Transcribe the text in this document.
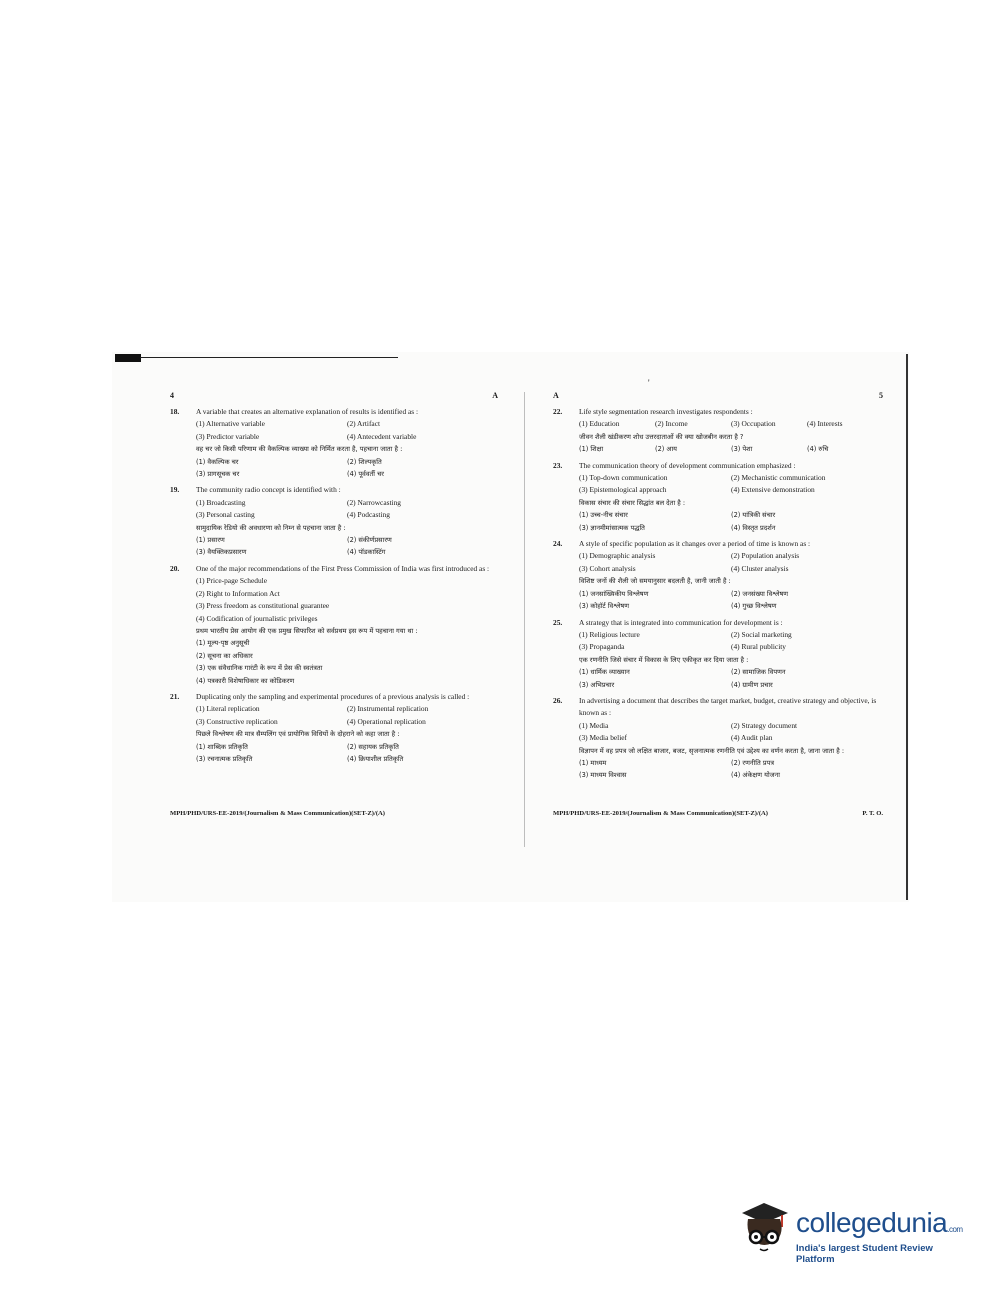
'
4	A
18.	A variable that creates an alternative explanation of results is identified as :
(1) Alternative variable	(2) Artifact
(3) Predictor variable	(4) Antecedent variable
वह चर जो किसी परिणाम की वैकल्पिक व्याख्या को निर्मित करता है, पहचाना जाता है :
(1) वैकल्पिक चर	(2) शिल्पकृति
(3) प्रागसूचक चर	(4) पूर्ववर्ती चर
19.	The community radio concept is identified with :
(1) Broadcasting	(2) Narrowcasting
(3) Personal casting	(4) Podcasting
सामुदायिक रेडियो की अवधारणा को निम्न से पहचाना जाता है :
(1) प्रसारण	(2) संकीर्णप्रसारण
(3) वैयक्तिकप्रसारण	(4) पॉडकास्टिंग
20.	One of the major recommendations of the First Press Commission of India was first introduced as :
(1) Price-page Schedule
(2) Right to Information Act
(3) Press freedom as constitutional guarantee
(4) Codification of journalistic privileges
प्रथम भारतीय प्रेस आयोग की एक प्रमुख सिफारिश को सर्वप्रथम इस रूप में पहचाना गया था :
(1) मूल्य-पृष्ठ अनुसूची
(2) सूचना का अधिकार
(3) एक संवैधानिक गारंटी के रूप में प्रेस की स्वतंत्रता
(4) पत्रकारी विशेषाधिकार का कोडिकरण
21.	Duplicating only the sampling and experimental procedures of a previous analysis is called :
(1) Literal replication	(2) Instrumental replication
(3) Constructive replication	(4) Operational replication
पिछले विश्लेषण की मात्र सैम्पलिंग एवं प्रायोगिक विधियों के दोहराने को कहा जाता है :
(1) शाब्दिक प्रतिकृति	(2) सहायक प्रतिकृति
(3) रचनात्मक प्रतिकृति	(4) क्रियाशील प्रतिकृति
MPH/PHD/URS-EE-2019/(Journalism & Mass Communication)(SET-Z)/(A)
A	5
22.	Life style segmentation research investigates respondents :
(1) Education	(2) Income	(3) Occupation	(4) Interests
जीवन शैली खंडीकरण शोध उत्तरदाताओं की क्या खोजबीन करता है ?
(1) शिक्षा	(2) आय	(3) पेशा	(4) रुचि
23.	The communication theory of development communication emphasized :
(1) Top-down communication	(2) Mechanistic communication
(3) Epistemological approach	(4) Extensive demonstration
विकास संचार की संचार सिद्धांत बल देता है :
(1) उच्च-नीच संचार	(2) यांत्रिकी संचार
(3) ज्ञानमीमांसात्मक पद्धति	(4) विस्तृत प्रदर्शन
24.	A style of specific population as it changes over a period of time is known as :
(1) Demographic analysis	(2) Population analysis
(3) Cohort analysis	(4) Cluster analysis
विशिष्ट जनों की शैली जो समयानुसार बदलती है, जानी जाती है :
(1) जनसांख्यिकीय विश्लेषण	(2) जनसंख्या विश्लेषण
(3) कोहॉर्ट विश्लेषण	(4) गुच्छ विश्लेषण
25.	A strategy that is integrated into communication for development is :
(1) Religious lecture	(2) Social marketing
(3) Propaganda	(4) Rural publicity
एक रणनीति जिसे संचार में विकास के लिए एकीकृत कर दिया जाता है :
(1) धार्मिक व्याख्यान	(2) सामाजिक विपणन
(3) अभिप्रचार	(4) ग्रामीण प्रचार
26.	In advertising a document that describes the target market, budget, creative strategy and objective, is known as :
(1) Media	(2) Strategy document
(3) Media belief	(4) Audit plan
विज्ञापन में वह प्रपत्र जो लक्षित बाजार, बजट, सृजनात्मक रणनीति एवं उद्देश्य का वर्णन करता है, जाना जाता है :
(1) माध्यम	(2) रणनीति प्रपत्र
(3) माध्यम विश्वास	(4) अंकेक्षण योजना
MPH/PHD/URS-EE-2019/(Journalism & Mass Communication)(SET-Z)/(A)	P. T. O.
collegedunia.com
India's largest Student Review Platform
